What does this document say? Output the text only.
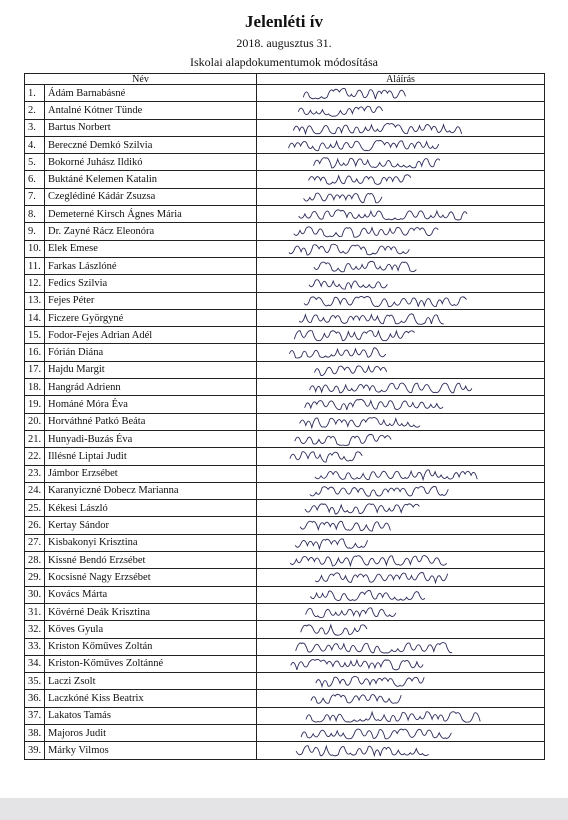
Jelenléti ív
2018. augusztus 31.
Iskolai alapdokumentumok módosítása
Név		Aláírás
1.	Ádám Barnabásné	

2.	Antalné Kótner Tünde	

3.	Bartus Norbert	

4.	Bereczné Demkó Szilvia	

5.	Bokorné Juhász Ildikó	

6.	Buktáné Kelemen Katalin	

7.	Czeglédiné Kádár Zsuzsa	

8.	Demeterné Kirsch Ágnes Mária	

9.	Dr. Zayné Rácz Eleonóra	

10.	Elek Emese	

11.	Farkas Lászlóné	

12.	Fedics Szilvia	

13.	Fejes Péter	

14.	Ficzere Györgyné	

15.	Fodor-Fejes Adrian Adél	

16.	Fórián Diána	

17.	Hajdu Margit	

18.	Hangrád Adrienn	

19.	Hománé Móra Éva	

20.	Horváthné Patkó Beáta	

21.	Hunyadi-Buzás Éva	

22.	Illésné Liptai Judit	

23.	Jámbor Erzsébet	

24.	Karanyiczné Dobecz Marianna	

25.	Kékesi László	

26.	Kertay Sándor	

27.	Kisbakonyi Krisztina	

28.	Kissné Bendó Erzsébet	

29.	Kocsisné Nagy Erzsébet	

30.	Kovács Márta	

31.	Kövérné Deák Krisztina	

32.	Köves Gyula	

33.	Kriston Kőműves Zoltán	

34.	Kriston-Kőműves Zoltánné	

35.	Laczi Zsolt	

36.	Laczkóné Kiss Beatrix	

37.	Lakatos Tamás	

38.	Majoros Judit	

39.	Márky Vilmos	
